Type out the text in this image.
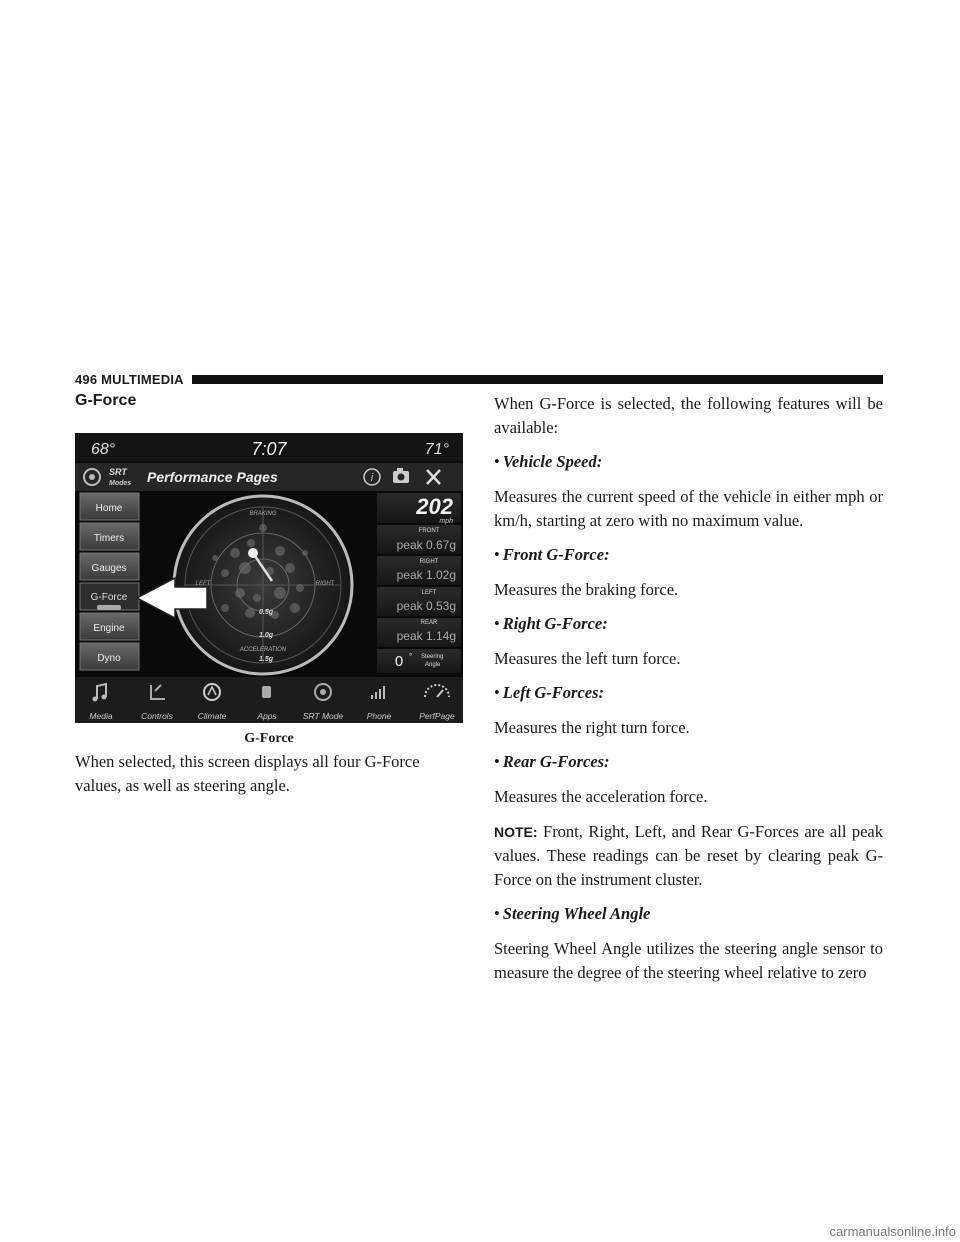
496 MULTIMEDIA
G-Force
68°	7:07	71°
SRT
Modes Performance Pages	i
Home
Timers
Gauges
G-Force
Engine
Dyno
BRAKING
LEFT	RIGHT
0.5g
1.0g
ACCELERATION
1.5g
202
mph
FRONT
peak 0.67g
RIGHT
peak 1.02g
LEFT
peak 0.53g
REAR
peak 1.14g
0 ° Steering
Angle
Media	Controls	Climate	Apps	SRT Mode	Phone	PerfPage
G-Force
When selected, this screen displays all four G-Force values, as well as steering angle.

When G-Force is selected, the following features will be available:

• Vehicle Speed:

Measures the current speed of the vehicle in either mph or km/h, starting at zero with no maximum value.

• Front G-Force:

Measures the braking force.

• Right G-Force:

Measures the left turn force.

• Left G-Forces:

Measures the right turn force.

• Rear G-Forces:

Measures the acceleration force.

NOTE: Front, Right, Left, and Rear G-Forces are all peak values. These readings can be reset by clearing peak G-Force on the instrument cluster.

• Steering Wheel Angle

Steering Wheel Angle utilizes the steering angle sensor to measure the degree of the steering wheel relative to zero

carmanualsonline.info
